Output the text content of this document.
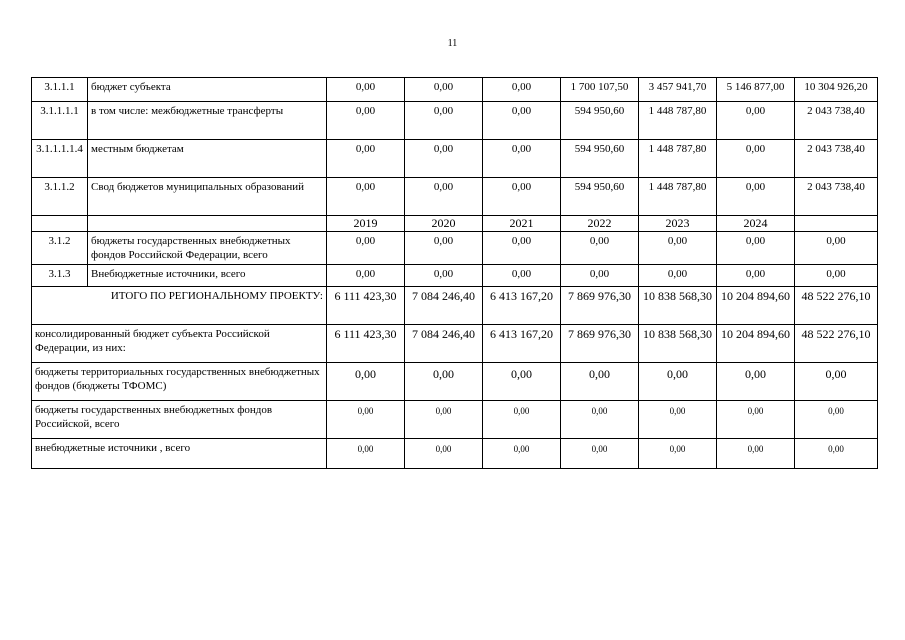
11
3.1.1.1	бюджет субъекта	0,00	0,00	0,00	1 700 107,50	3 457 941,70	5 146 877,00	10 304 926,20
3.1.1.1.1	в том числе: межбюджетные трансферты	0,00	0,00	0,00	594 950,60	1 448 787,80	0,00	2 043 738,40
3.1.1.1.1.4	местным бюджетам	0,00	0,00	0,00	594 950,60	1 448 787,80	0,00	2 043 738,40
3.1.1.2	Свод бюджетов муниципальных образований	0,00	0,00	0,00	594 950,60	1 448 787,80	0,00	2 043 738,40
		2019	2020	2021	2022	2023	2024	
3.1.2	бюджеты государственных внебюджетных фондов Российской Федерации, всего	0,00	0,00	0,00	0,00	0,00	0,00	0,00
3.1.3	Внебюджетные источники, всего	0,00	0,00	0,00	0,00	0,00	0,00	0,00
ИТОГО ПО РЕГИОНАЛЬНОМУ ПРОЕКТУ:		6 111 423,30	7 084 246,40	6 413 167,20	7 869 976,30	10 838 568,30	10 204 894,60	48 522 276,10
консолидированный бюджет субъекта Российской Федерации, из них:		6 111 423,30	7 084 246,40	6 413 167,20	7 869 976,30	10 838 568,30	10 204 894,60	48 522 276,10
бюджеты территориальных государственных внебюджетных фондов (бюджеты ТФОМС)		0,00	0,00	0,00	0,00	0,00	0,00	0,00
бюджеты государственных внебюджетных фондов Российской, всего		0,00	0,00	0,00	0,00	0,00	0,00	0,00
внебюджетные источники , всего		0,00	0,00	0,00	0,00	0,00	0,00	0,00
